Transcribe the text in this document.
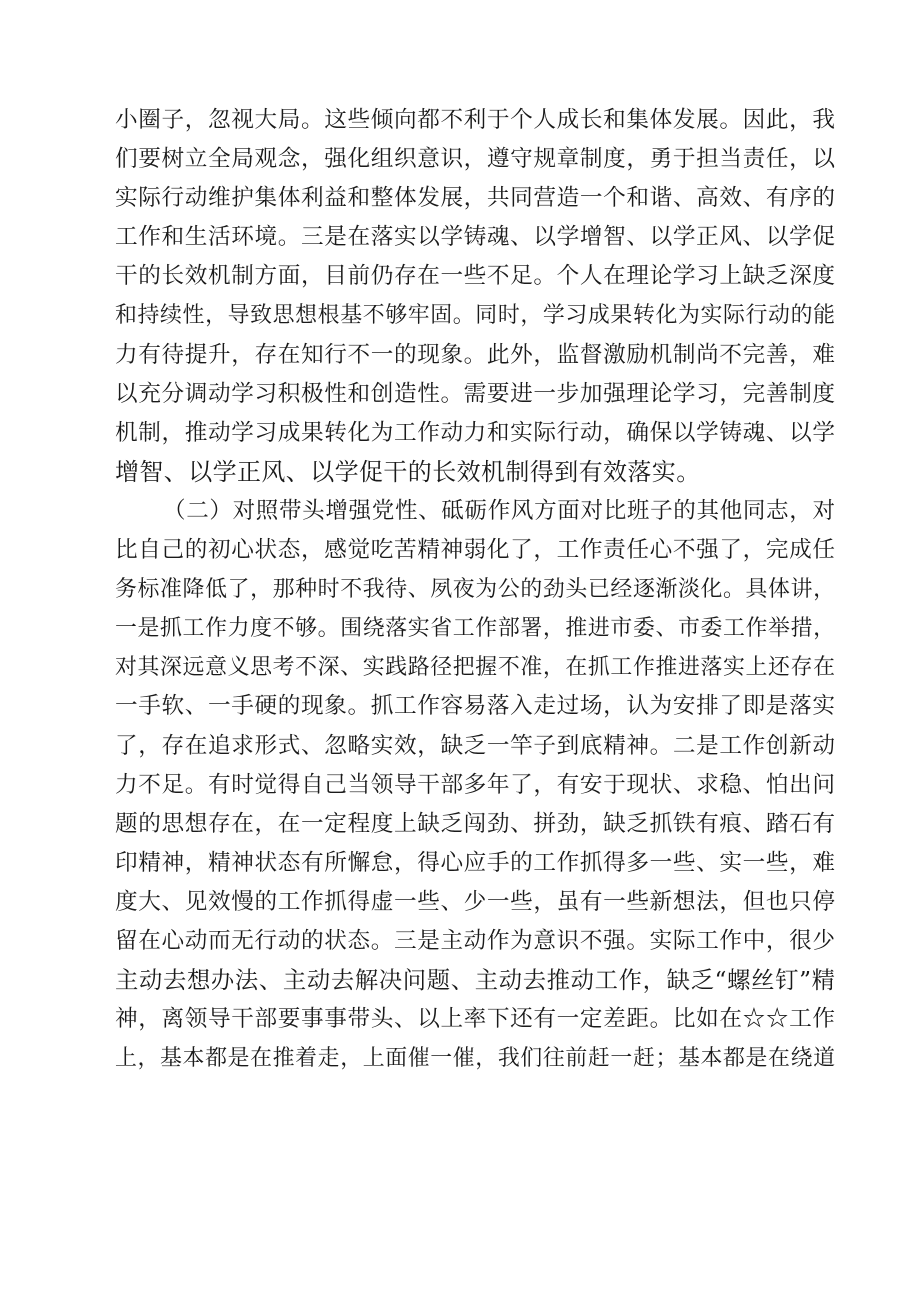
小圈子，忽视大局。这些倾向都不利于个人成长和集体发展。因此，我
们要树立全局观念，强化组织意识，遵守规章制度，勇于担当责任，以
实际行动维护集体利益和整体发展，共同营造一个和谐、高效、有序的
工作和生活环境。三是在落实以学铸魂、以学增智、以学正风、以学促
干的长效机制方面，目前仍存在一些不足。个人在理论学习上缺乏深度
和持续性，导致思想根基不够牢固。同时，学习成果转化为实际行动的能
力有待提升，存在知行不一的现象。此外，监督激励机制尚不完善，难
以充分调动学习积极性和创造性。需要进一步加强理论学习，完善制度
机制，推动学习成果转化为工作动力和实际行动，确保以学铸魂、以学
增智、以学正风、以学促干的长效机制得到有效落实。
（二）对照带头增强党性、砥砺作风方面对比班子的其他同志，对
比自己的初心状态，感觉吃苦精神弱化了，工作责任心不强了，完成任
务标准降低了，那种时不我待、夙夜为公的劲头已经逐渐淡化。具体讲，
一是抓工作力度不够。围绕落实省工作部署，推进市委、市委工作举措，
对其深远意义思考不深、实践路径把握不准，在抓工作推进落实上还存在
一手软、一手硬的现象。抓工作容易落入走过场，认为安排了即是落实
了，存在追求形式、忽略实效，缺乏一竿子到底精神。二是工作创新动
力不足。有时觉得自己当领导干部多年了，有安于现状、求稳、怕出问
题的思想存在，在一定程度上缺乏闯劲、拼劲，缺乏抓铁有痕、踏石有
印精神，精神状态有所懈怠，得心应手的工作抓得多一些、实一些，难
度大、见效慢的工作抓得虚一些、少一些，虽有一些新想法，但也只停
留在心动而无行动的状态。三是主动作为意识不强。实际工作中，很少
主动去想办法、主动去解决问题、主动去推动工作，缺乏“螺丝钉”精
神，离领导干部要事事带头、以上率下还有一定差距。比如在☆☆工作
上，基本都是在推着走，上面催一催，我们往前赶一赶；基本都是在绕道
